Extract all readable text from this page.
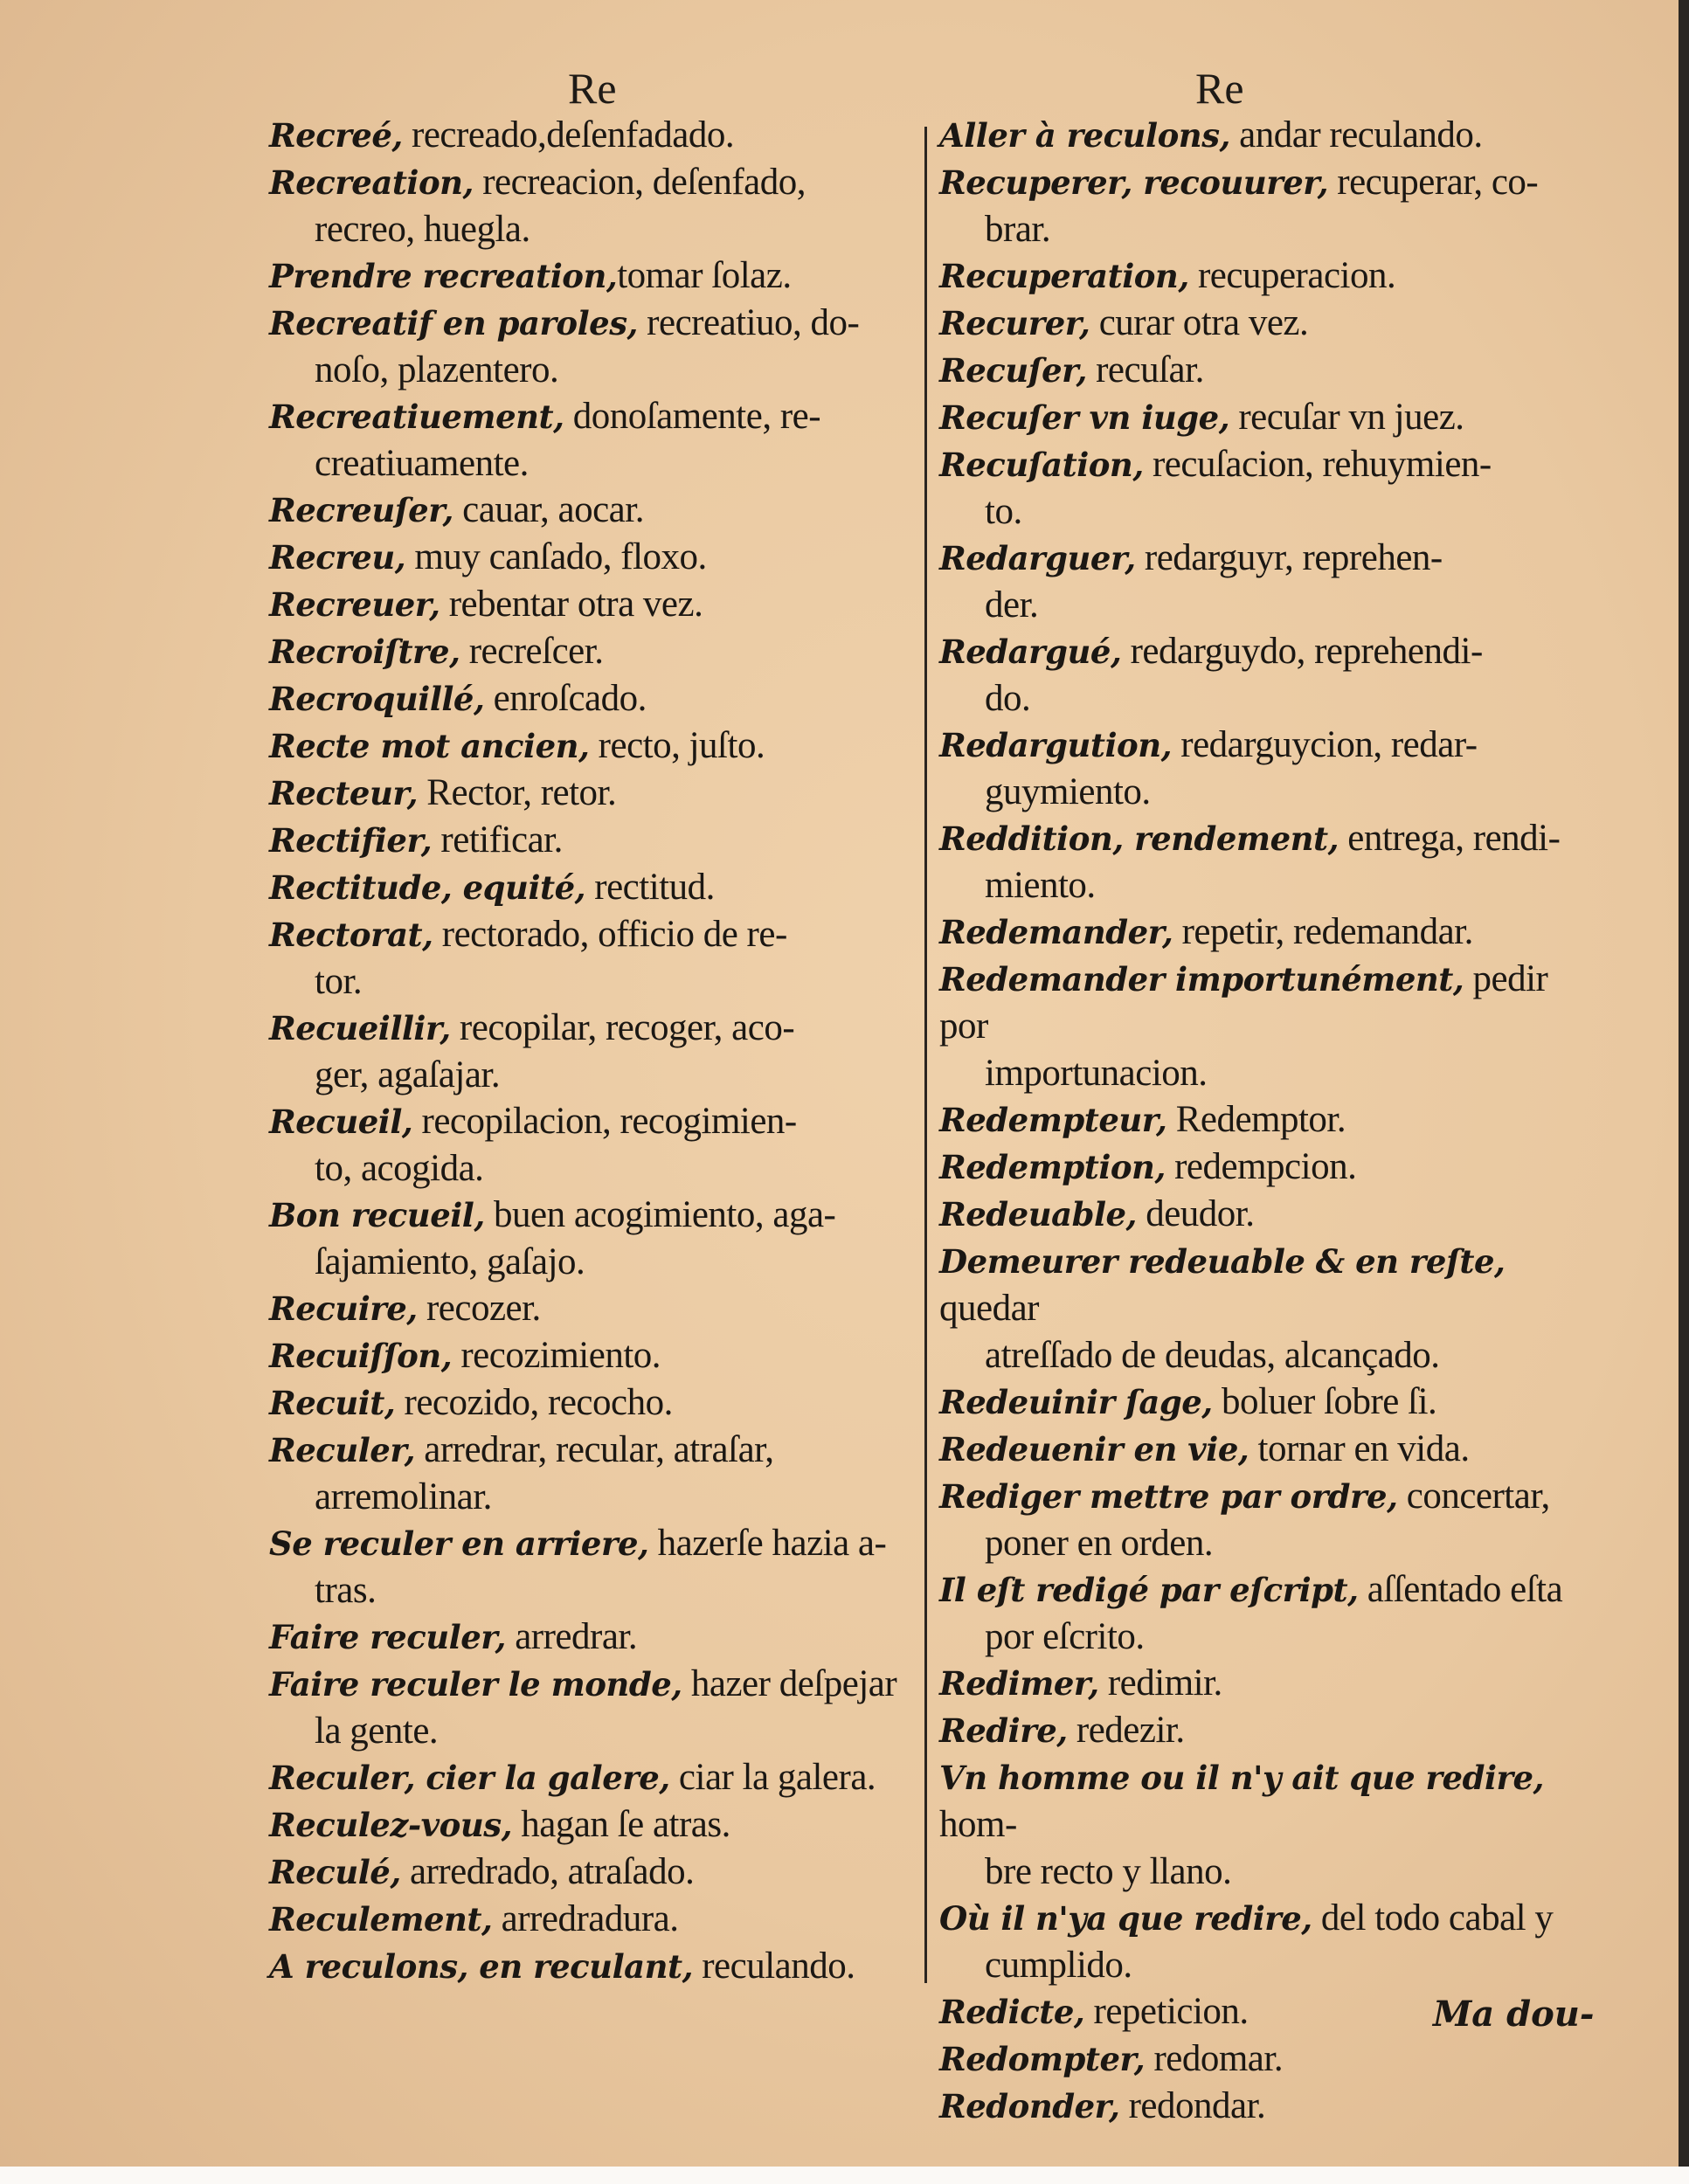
Re	Re
Recreé, recreado,deſenfadado.
Recreation, recreacion, deſenfado,
recreo, huegla.
Prendre recreation,tomar ſolaz.
Recreatif en paroles, recreatiuo, do-
noſo, plazentero.
Recreatiuement, donoſamente, re-
creatiuamente.
Recreuſer, cauar, aocar.
Recreu, muy canſado, floxo.
Recreuer, rebentar otra vez.
Recroiſtre, recreſcer.
Recroquillé, enroſcado.
Recte mot ancien, recto, juſto.
Recteur, Rector, retor.
Rectifier, retificar.
Rectitude, equité, rectitud.
Rectorat, rectorado, officio de re-
tor.
Recueillir, recopilar, recoger, aco-
ger, agaſajar.
Recueil, recopilacion, recogimien-
to, acogida.
Bon recueil, buen acogimiento, aga-
ſajamiento, gaſajo.
Recuire, recozer.
Recuiſſon, recozimiento.
Recuit, recozido, recocho.
Reculer, arredrar, recular, atraſar,
arremolinar.
Se reculer en arriere, hazerſe hazia a-
tras.
Faire reculer, arredrar.
Faire reculer le monde, hazer deſpejar
la gente.
Reculer, cier la galere, ciar la galera.
Reculez-vous, hagan ſe atras.
Reculé, arredrado, atraſado.
Reculement, arredradura.
A reculons, en reculant, reculando.
Aller à reculons, andar reculando.
Recuperer, recouurer, recuperar, co-
brar.
Recuperation, recuperacion.
Recurer, curar otra vez.
Recuſer, recuſar.
Recuſer vn iuge, recuſar vn juez.
Recuſation, recuſacion, rehuymien-
to.
Redarguer, redarguyr, reprehen-
der.
Redargué, redarguydo, reprehendi-
do.
Redargution, redarguycion, redar-
guymiento.
Reddition, rendement, entrega, rendi-
miento.
Redemander, repetir, redemandar.
Redemander importunément, pedir por
importunacion.
Redempteur, Redemptor.
Redemption, redempcion.
Redeuable, deudor.
Demeurer redeuable & en reſte, quedar
atreſſado de deudas, alcançado.
Redeuinir ſage, boluer ſobre ſi.
Redeuenir en vie, tornar en vida.
Rediger mettre par ordre, concertar,
poner en orden.
Il eſt redigé par eſcript, aſſentado eſta
por eſcrito.
Redimer, redimir.
Redire, redezir.
Vn homme ou il n'y ait que redire, hom-
bre recto y llano.
Où il n'ya que redire, del todo cabal y
cumplido.
Redicte, repeticion.
Redompter, redomar.
Redonder, redondar.
Ma dou-
